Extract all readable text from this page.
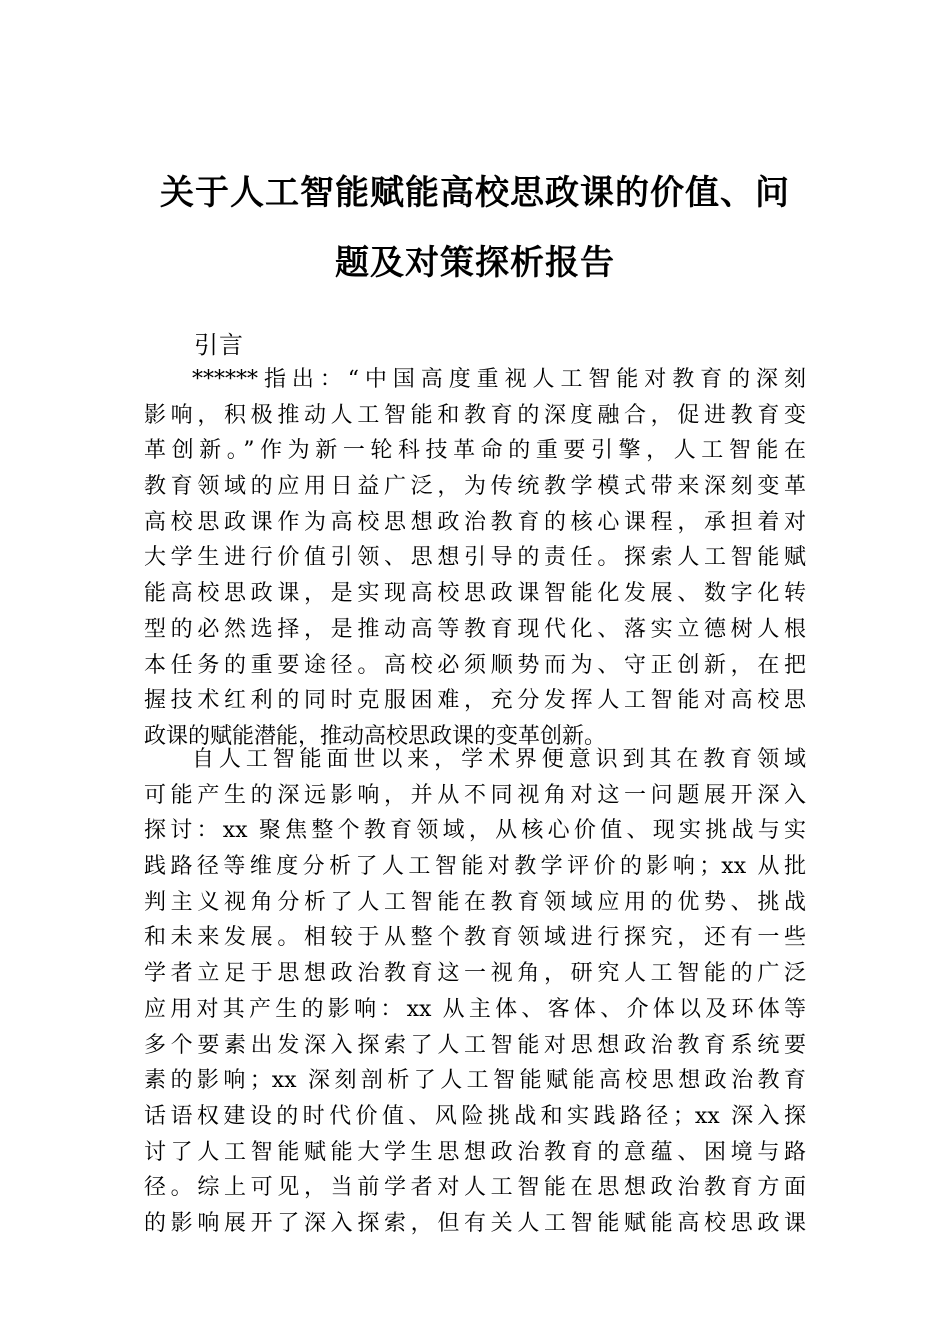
关于人工智能赋能高校思政课的价值、问
题及对策探析报告
引言
******指出：“中国高度重视人工智能对教育的深刻
影响，积极推动人工智能和教育的深度融合，促进教育变
革创新。”作为新一轮科技革命的重要引擎，人工智能在
教育领域的应用日益广泛，为传统教学模式带来深刻变革
高校思政课作为高校思想政治教育的核心课程，承担着对
大学生进行价值引领、思想引导的责任。探索人工智能赋
能高校思政课，是实现高校思政课智能化发展、数字化转
型的必然选择，是推动高等教育现代化、落实立德树人根
本任务的重要途径。高校必须顺势而为、守正创新，在把
握技术红利的同时克服困难，充分发挥人工智能对高校思
政课的赋能潜能，推动高校思政课的变革创新。
自人工智能面世以来，学术界便意识到其在教育领域
可能产生的深远影响，并从不同视角对这一问题展开深入
探讨：xx 聚焦整个教育领域，从核心价值、现实挑战与实
践路径等维度分析了人工智能对教学评价的影响；xx 从批
判主义视角分析了人工智能在教育领域应用的优势、挑战
和未来发展。相较于从整个教育领域进行探究，还有一些
学者立足于思想政治教育这一视角，研究人工智能的广泛
应用对其产生的影响：xx 从主体、客体、介体以及环体等
多个要素出发深入探索了人工智能对思想政治教育系统要
素的影响；xx 深刻剖析了人工智能赋能高校思想政治教育
话语权建设的时代价值、风险挑战和实践路径；xx 深入探
讨了人工智能赋能大学生思想政治教育的意蕴、困境与路
径。综上可见，当前学者对人工智能在思想政治教育方面
的影响展开了深入探索，但有关人工智能赋能高校思政课
